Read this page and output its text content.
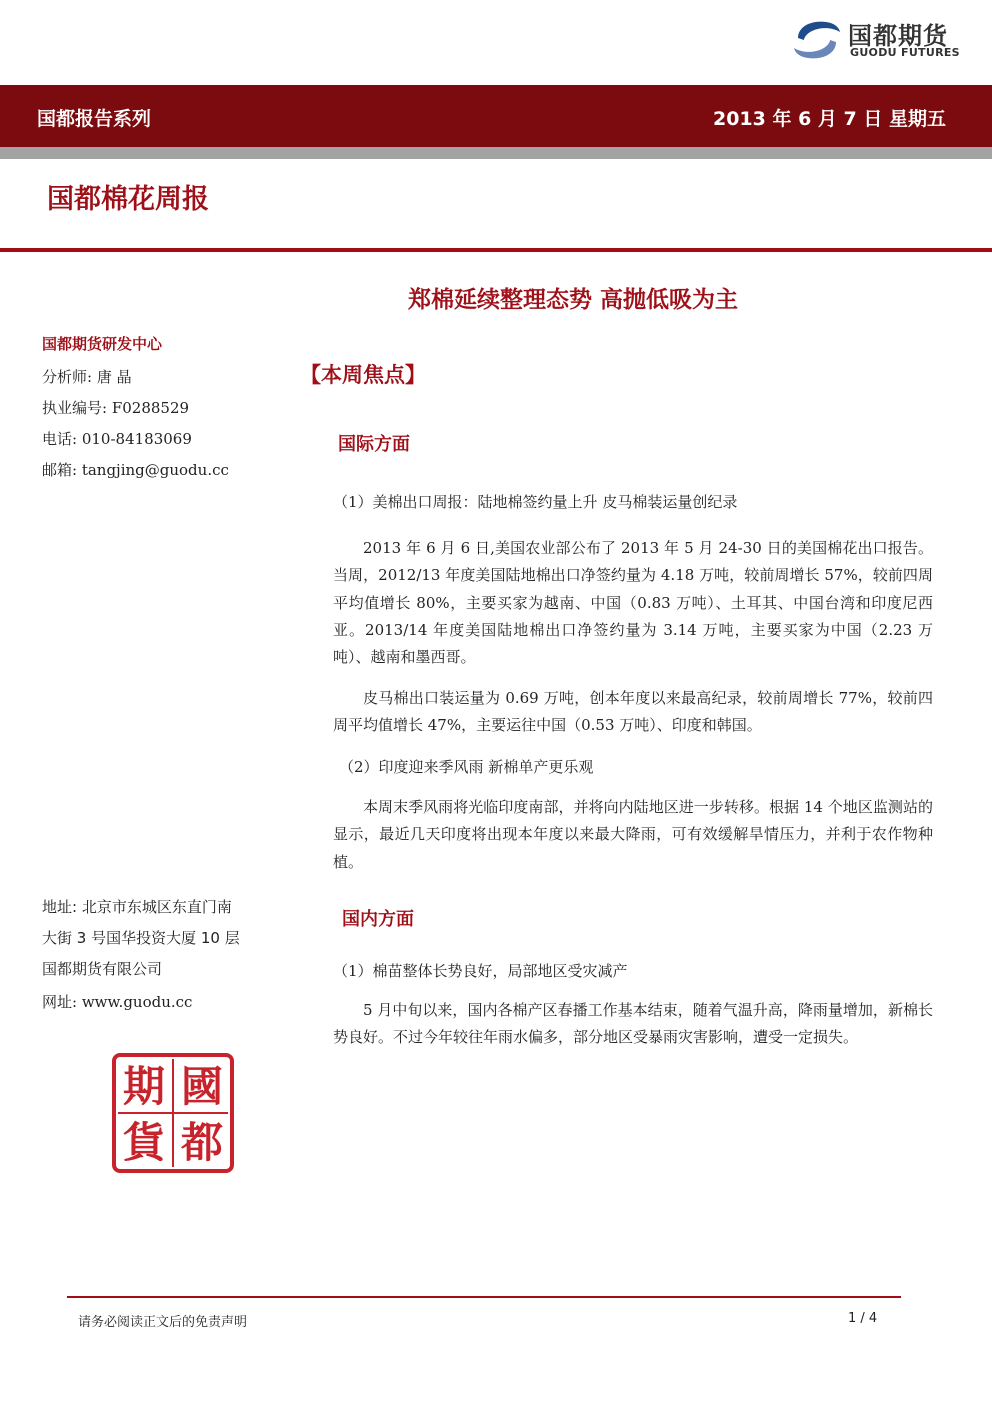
国都期货
GUODU FUTURES
国都报告系列	2013 年 6 月 7 日 星期五
国都棉花周报
郑棉延续整理态势 高抛低吸为主
国都期货研发中心
分析师: 唐 晶
执业编号: F0288529
电话: 010-84183069
邮箱: tangjing@guodu.cc
地址: 北京市东城区东直门南
大街 3 号国华投资大厦 10 层
国都期货有限公司
网址: www.guodu.cc
國
都
期
貨
【本周焦点】
国际方面
（1）美棉出口周报：陆地棉签约量上升 皮马棉装运量创纪录
2013 年 6 月 6 日,美国农业部公布了 2013 年 5 月 24-30 日的美国棉花出口报告。当周，2012/13 年度美国陆地棉出口净签约量为 4.18 万吨，较前周增长 57%，较前四周平均值增长 80%，主要买家为越南、中国（0.83 万吨）、土耳其、中国台湾和印度尼西亚。2013/14 年度美国陆地棉出口净签约量为 3.14 万吨，主要买家为中国（2.23 万吨）、越南和墨西哥。
皮马棉出口装运量为 0.69 万吨，创本年度以来最高纪录，较前周增长 77%，较前四周平均值增长 47%，主要运往中国（0.53 万吨）、印度和韩国。
（2）印度迎来季风雨 新棉单产更乐观
本周末季风雨将光临印度南部，并将向内陆地区进一步转移。根据 14 个地区监测站的显示，最近几天印度将出现本年度以来最大降雨，可有效缓解旱情压力，并利于农作物种植。
国内方面
（1）棉苗整体长势良好，局部地区受灾减产
5 月中旬以来，国内各棉产区春播工作基本结束，随着气温升高，降雨量增加，新棉长势良好。不过今年较往年雨水偏多，部分地区受暴雨灾害影响，遭受一定损失。
请务必阅读正文后的免责声明	1 / 4
